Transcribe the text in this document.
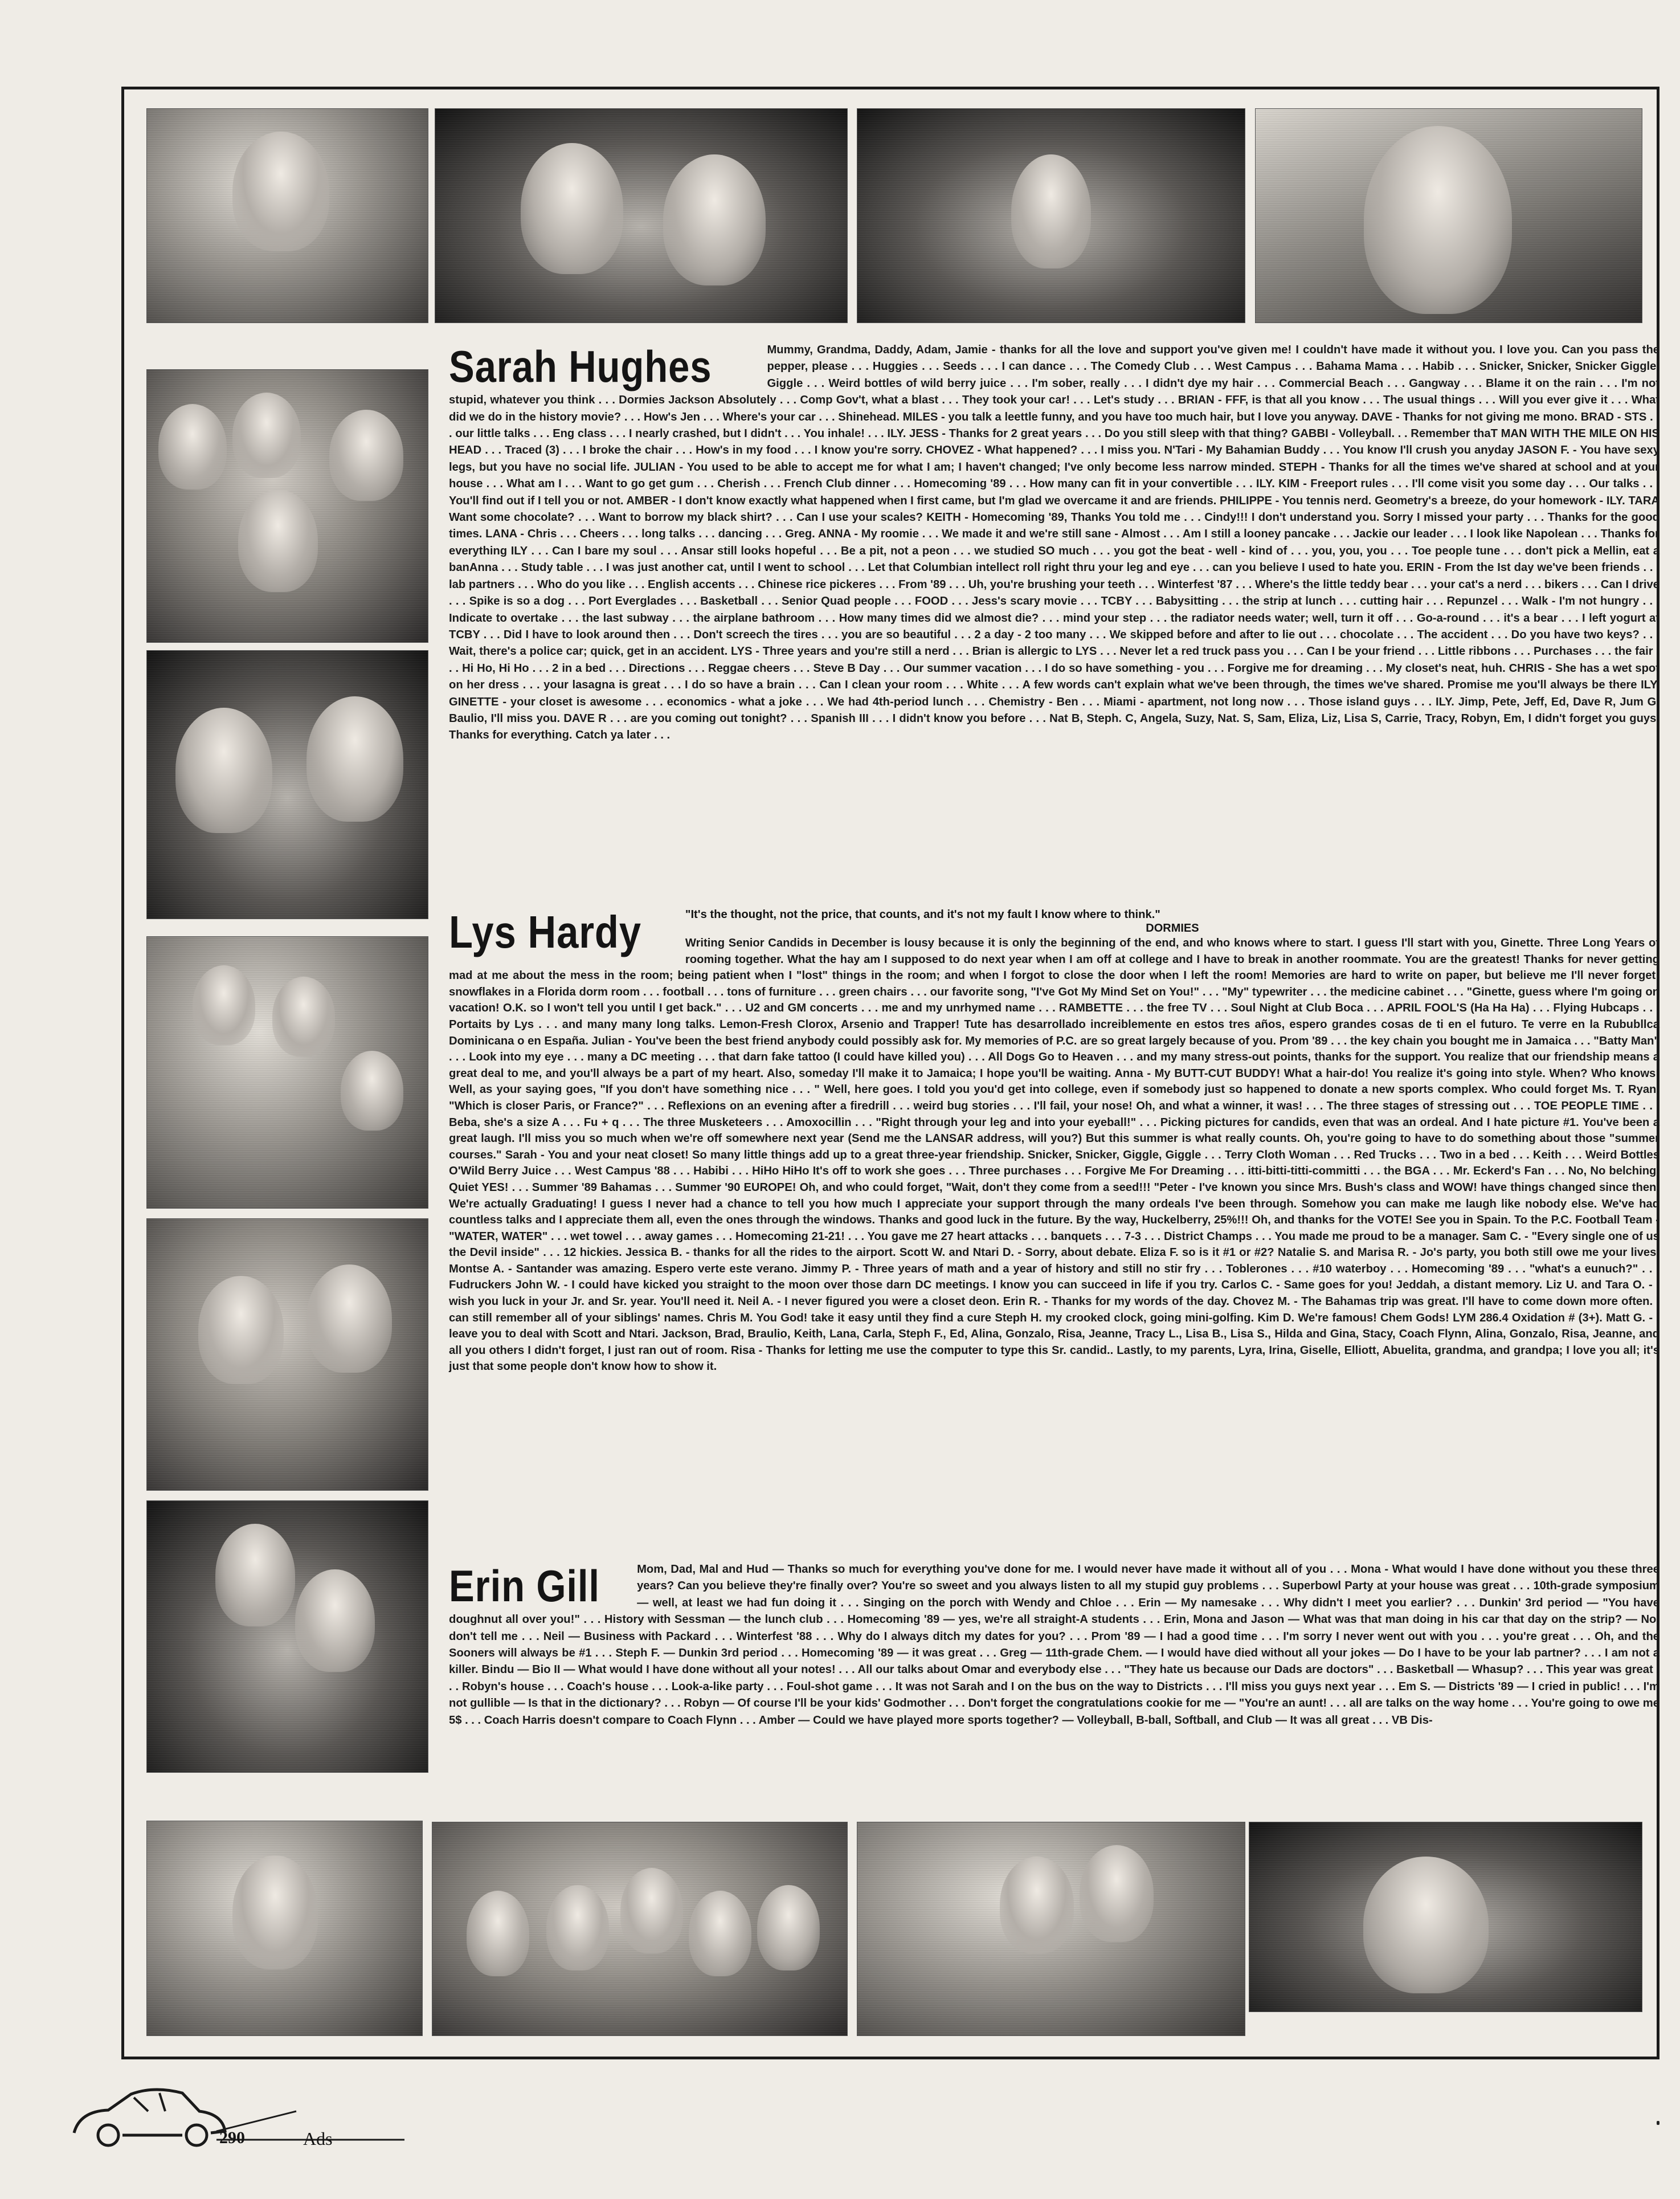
Sarah Hughes	Mummy, Grandma, Daddy, Adam, Jamie - thanks for all the love and support you've given me! I couldn't have made it without you. I love you. Can you pass the pepper, please . . . Huggies . . . Seeds . . . I can dance . . . The Comedy Club . . . West Campus . . . Bahama Mama . . . Habib . . . Snicker, Snicker, Snicker Giggle, Giggle . . . Weird bottles of wild berry juice . . . I'm sober, really . . . I didn't dye my hair . . . Commercial Beach . . . Gangway . . . Blame it on the rain . . . I'm not stupid, whatever you think . . . Dormies Jackson Absolutely . . . Comp Gov't, what a blast . . . They took your car! . . . Let's study . . . BRIAN - FFF, is that all you know . . . The usual things . . . Will you ever give it . . . What did we do in the history movie? . . . How's Jen . . . Where's your car . . . Shinehead. MILES - you talk a leettle funny, and you have too much hair, but I love you anyway. DAVE - Thanks for not giving me mono. BRAD - STS . . . our little talks . . . Eng class . . . I nearly crashed, but I didn't . . . You inhale! . . . ILY. JESS - Thanks for 2 great years . . . Do you still sleep with that thing? GABBI - Volleyball. . . Remember thaT MAN WITH THE MILE ON HIS HEAD . . . Traced (3) . . . I broke the chair . . . How's in my food . . . I know you're sorry. CHOVEZ - What happened? . . . I miss you. N'Tari - My Bahamian Buddy . . . You know I'll crush you anyday JASON F. - You have sexy legs, but you have no social life. JULIAN - You used to be able to accept me for what I am; I haven't changed; I've only become less narrow minded. STEPH - Thanks for all the times we've shared at school and at your house . . . What am I . . . Want to go get gum . . . Cherish . . . French Club dinner . . . Homecoming '89 . . . How many can fit in your convertible . . . ILY. KIM - Freeport rules . . . I'll come visit you some day . . . Our talks . . . You'll find out if I tell you or not. AMBER - I don't know exactly what happened when I first came, but I'm glad we overcame it and are friends. PHILIPPE - You tennis nerd. Geometry's a breeze, do your homework - ILY. TARA Want some chocolate? . . . Want to borrow my black shirt? . . . Can I use your scales? KEITH - Homecoming '89, Thanks You told me . . . Cindy!!! I don't understand you. Sorry I missed your party . . . Thanks for the good times. LANA - Chris . . . Cheers . . . long talks . . . dancing . . . Greg. ANNA - My roomie . . . We made it and we're still sane - Almost . . . Am I still a looney pancake . . . Jackie our leader . . . I look like Napolean . . . Thanks for everything ILY . . . Can I bare my soul . . . Ansar still looks hopeful . . . Be a pit, not a peon . . . we studied SO much . . . you got the beat - well - kind of . . . you, you, you . . . Toe people tune . . . don't pick a Mellin, eat a banAnna . . . Study table . . . I was just another cat, until I went to school . . . Let that Columbian intellect roll right thru your leg and eye . . . can you believe I used to hate you. ERIN - From the Ist day we've been friends . . . lab partners . . . Who do you like . . . English accents . . . Chinese rice pickeres . . . From '89 . . . Uh, you're brushing your teeth . . . Winterfest '87 . . . Where's the little teddy bear . . . your cat's a nerd . . . bikers . . . Can I drive . . . Spike is so a dog . . . Port Everglades . . . Basketball . . . Senior Quad people . . . FOOD . . . Jess's scary movie . . . TCBY . . . Babysitting . . . the strip at lunch . . . cutting hair . . . Repunzel . . . Walk - I'm not hungry . . . Indicate to overtake . . . the last subway . . . the airplane bathroom . . . How many times did we almost die? . . . mind your step . . . the radiator needs water; well, turn it off . . . Go-a-round . . . it's a bear . . . I left yogurt at TCBY . . . Did I have to look around then . . . Don't screech the tires . . . you are so beautiful . . . 2 a day - 2 too many . . . We skipped before and after to lie out . . . chocolate . . . The accident . . . Do you have two keys? . . . Wait, there's a police car; quick, get in an accident. LYS - Three years and you're still a nerd . . . Brian is allergic to LYS . . . Never let a red truck pass you . . . Can I be your friend . . . Little ribbons . . . Purchases . . . the fair . . . Hi Ho, Hi Ho . . . 2 in a bed . . . Directions . . . Reggae cheers . . . Steve B Day . . . Our summer vacation . . . I do so have something - you . . . Forgive me for dreaming . . . My closet's neat, huh. CHRIS - She has a wet spot on her dress . . . your lasagna is great . . . I do so have a brain . . . Can I clean your room . . . White . . . A few words can't explain what we've been through, the times we've shared. Promise me you'll always be there ILY. GINETTE - your closet is awesome . . . economics - what a joke . . . We had 4th-period lunch . . . Chemistry - Ben . . . Miami - apartment, not long now . . . Those island guys . . . ILY. Jimp, Pete, Jeff, Ed, Dave R, Jum G. Baulio, I'll miss you. DAVE R . . . are you coming out tonight? . . . Spanish III . . . I didn't know you before . . . Nat B, Steph. C, Angela, Suzy, Nat. S, Sam, Eliza, Liz, Lisa S, Carrie, Tracy, Robyn, Em, I didn't forget you guys. Thanks for everything. Catch ya later . . .
Lys Hardy	"It's the thought, not the price, that counts, and it's not my fault I know where to think."
DORMIES
Writing Senior Candids in December is lousy because it is only the beginning of the end, and who knows where to start. I guess I'll start with you, Ginette. Three Long Years of rooming together. What the hay am I supposed to do next year when I am off at college and I have to break in another roommate. You are the greatest! Thanks for never getting mad at me about the mess in the room; being patient when I "lost" things in the room; and when I forgot to close the door when I left the room! Memories are hard to write on paper, but believe me I'll never forget: snowflakes in a Florida dorm room . . . football . . . tons of furniture . . . green chairs . . . our favorite song, "I've Got My Mind Set on You!" . . . "My" typewriter . . . the medicine cabinet . . . "Ginette, guess where I'm going on vacation! O.K. so I won't tell you until I get back." . . . U2 and GM concerts . . . me and my unrhymed name . . . RAMBETTE . . . the free TV . . . Soul Night at Club Boca . . . APRIL FOOL'S (Ha Ha Ha) . . . Flying Hubcaps . . . Portaits by Lys . . . and many many long talks. Lemon-Fresh Clorox, Arsenio and Trapper! Tute has desarrollado increiblemente en estos tres años, espero grandes cosas de ti en el futuro. Te verre en la Rububllca Dominicana o en España. Julian - You've been the best friend anybody could possibly ask for. My memories of P.C. are so great largely because of you. Prom '89 . . . the key chain you bought me in Jamaica . . . "Batty Man" . . . Look into my eye . . . many a DC meeting . . . that darn fake tattoo (I could have killed you) . . . All Dogs Go to Heaven . . . and my many stress-out points, thanks for the support. You realize that our friendship means a great deal to me, and you'll always be a part of my heart. Also, someday I'll make it to Jamaica; I hope you'll be waiting. Anna - My BUTT-CUT BUDDY! What a hair-do! You realize it's going into style. When? Who knows! Well, as your saying goes, "If you don't have something nice . . . " Well, here goes. I told you you'd get into college, even if somebody just so happened to donate a new sports complex. Who could forget Ms. T. Ryan, "Which is closer Paris, or France?" . . . Reflexions on an evening after a firedrill . . . weird bug stories . . . I'll fail, your nose! Oh, and what a winner, it was! . . . The three stages of stressing out . . . TOE PEOPLE TIME . . . Beba, she's a size A . . . Fu + q . . . The three Musketeers . . . Amoxocillin . . . "Right through your leg and into your eyeball!" . . . Picking pictures for candids, even that was an ordeal. And I hate picture #1. You've been a great laugh. I'll miss you so much when we're off somewhere next year (Send me the LANSAR address, will you?) But this summer is what really counts. Oh, you're going to have to do something about those "summer courses." Sarah - You and your neat closet! So many little things add up to a great three-year friendship. Snicker, Snicker, Giggle, Giggle . . . Terry Cloth Woman . . . Red Trucks . . . Two in a bed . . . Keith . . . Weird Bottles O'Wild Berry Juice . . . West Campus '88 . . . Habibi . . . HiHo HiHo It's off to work she goes . . . Three purchases . . . Forgive Me For Dreaming . . . itti-bitti-titti-committi . . . the BGA . . . Mr. Eckerd's Fan . . . No, No belching, Quiet YES! . . . Summer '89 Bahamas . . . Summer '90 EUROPE! Oh, and who could forget, "Wait, don't they come from a seed!!! "Peter - I've known you since Mrs. Bush's class and WOW! have things changed since then. We're actually Graduating! I guess I never had a chance to tell you how much I appreciate your support through the many ordeals I've been through. Somehow you can make me laugh like nobody else. We've had countless talks and I appreciate them all, even the ones through the windows. Thanks and good luck in the future. By the way, Huckelberry, 25%!!! Oh, and thanks for the VOTE! See you in Spain. To the P.C. Football Team - "WATER, WATER" . . . wet towel . . . away games . . . Homecoming 21-21! . . . You gave me 27 heart attacks . . . banquets . . . 7-3 . . . District Champs . . . You made me proud to be a manager. Sam C. - "Every single one of us the Devil inside" . . . 12 hickies. Jessica B. - thanks for all the rides to the airport. Scott W. and Ntari D. - Sorry, about debate. Eliza F. so is it #1 or #2? Natalie S. and Marisa R. - Jo's party, you both still owe me your lives. Montse A. - Santander was amazing. Espero verte este verano. Jimmy P. - Three years of math and a year of history and still no stir fry . . . Toblerones . . . #10 waterboy . . . Homecoming '89 . . . "what's a eunuch?" . . . Fudruckers John W. - I could have kicked you straight to the moon over those darn DC meetings. I know you can succeed in life if you try. Carlos C. - Same goes for you! Jeddah, a distant memory. Liz U. and Tara O. - I wish you luck in your Jr. and Sr. year. You'll need it. Neil A. - I never figured you were a closet deon. Erin R. - Thanks for my words of the day. Chovez M. - The Bahamas trip was great. I'll have to come down more often. I can still remember all of your siblings' names. Chris M. You God! take it easy until they find a cure Steph H. my crooked clock, going mini-golfing. Kim D. We're famous! Chem Gods! LYM 286.4 Oxidation # (3+). Matt G. - I leave you to deal with Scott and Ntari. Jackson, Brad, Braulio, Keith, Lana, Carla, Steph F., Ed, Alina, Gonzalo, Risa, Jeanne, Tracy L., Lisa B., Lisa S., Hilda and Gina, Stacy, Coach Flynn, Alina, Gonzalo, Risa, Jeanne, and all you others I didn't forget, I just ran out of room. Risa - Thanks for letting me use the computer to type this Sr. candid.. Lastly, to my parents, Lyra, Irina, Giselle, Elliott, Abuelita, grandma, and grandpa; I love you all; it's just that some people don't know how to show it.
Erin Gill	Mom, Dad, Mal and Hud — Thanks so much for everything you've done for me. I would never have made it without all of you . . . Mona - What would I have done without you these three years? Can you believe they're finally over? You're so sweet and you always listen to all my stupid guy problems . . . Superbowl Party at your house was great . . . 10th-grade symposium — well, at least we had fun doing it . . . Singing on the porch with Wendy and Chloe . . . Erin — My namesake . . . Why didn't I meet you earlier? . . . Dunkin' 3rd period — "You have doughnut all over you!" . . . History with Sessman — the lunch club . . . Homecoming '89 — yes, we're all straight-A students . . . Erin, Mona and Jason — What was that man doing in his car that day on the strip? — No, don't tell me . . . Neil — Business with Packard . . . Winterfest '88 . . . Why do I always ditch my dates for you? . . . Prom '89 — I had a good time . . . I'm sorry I never went out with you . . . you're great . . . Oh, and the Sooners will always be #1 . . . Steph F. — Dunkin 3rd period . . . Homecoming '89 — it was great . . . Greg — 11th-grade Chem. — I would have died without all your jokes — Do I have to be your lab partner? . . . I am not a killer. Bindu — Bio II — What would I have done without all your notes! . . . All our talks about Omar and everybody else . . . "They hate us because our Dads are doctors" . . . Basketball — Whasup? . . . This year was great . . . Robyn's house . . . Coach's house . . . Look-a-like party . . . Foul-shot game . . . It was not Sarah and I on the bus on the way to Districts . . . I'll miss you guys next year . . . Em S. — Districts '89 — I cried in public! . . . I'm not gullible — Is that in the dictionary? . . . Robyn — Of course I'll be your kids' Godmother . . . Don't forget the congratulations cookie for me — "You're an aunt! . . . all are talks on the way home . . . You're going to owe me 5$ . . . Coach Harris doesn't compare to Coach Flynn . . . Amber — Could we have played more sports together? — Volleyball, B-ball, Softball, and Club — It was all great . . . VB Dis-
290	Ads
